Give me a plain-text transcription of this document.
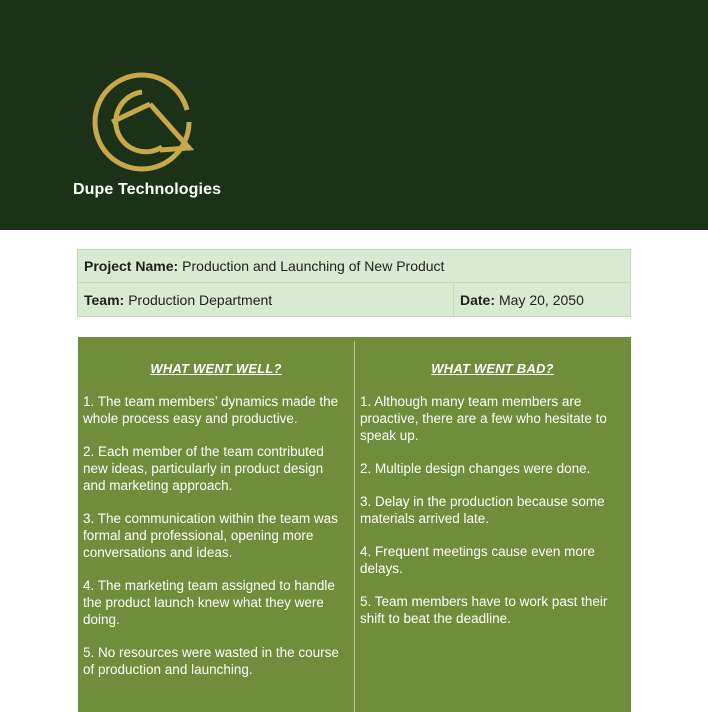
Dupe Technologies
Project Name: Production and Launching of New Product
Team: Production Department	Date: May 20, 2050
WHAT WENT WELL?
1. The team members’ dynamics made the whole process easy and productive.
2. Each member of the team contributed new ideas, particularly in product design and marketing approach.
3. The communication within the team was formal and professional, opening more conversations and ideas.
4. The marketing team assigned to handle the product launch knew what they were doing.
5. No resources were wasted in the course of production and launching.
WHAT WENT BAD?
1. Although many team members are proactive, there are a few who hesitate to speak up.
2. Multiple design changes were done.
3. Delay in the production because some materials arrived late.
4. Frequent meetings cause even more delays.
5. Team members have to work past their shift to beat the deadline.
